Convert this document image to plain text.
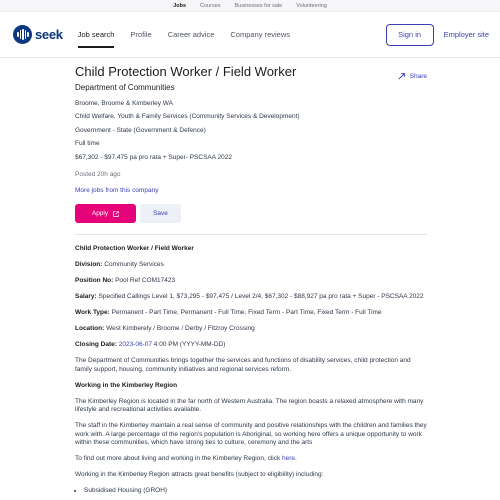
Jobs	Courses	Businesses for sale	Volunteering
seek Job search Profile Career advice Company reviews	Sign in	Employer site
Share
Child Protection Worker / Field Worker
Department of Communities
Broome, Broome & Kimberley WA
Child Welfare, Youth & Family Services (Community Services & Development)
Government - State (Government & Defence)
Full time
$67,302 - $97,475 pa pro rata + Super- PSCSAA 2022
Posted 20h ago
More jobs from this company
Apply	Save

Child Protection Worker / Field Worker

Division: Community Services

Position No: Pool Ref COM17423

Salary: Specified Callings Level 1, $73,295 - $97,475 / Level 2/4, $67,302 - $88,927 pa pro rata + Super - PSCSAA 2022

Work Type: Permanent - Part Time, Permanent - Full Time, Fixed Term - Part Time, Fixed Term - Full Time

Location: West Kimberely / Broome / Derby / Fitzroy Crossing

Closing Date: 2023-06-07 4:00 PM (YYYY-MM-DD)

The Department of Communities brings together the services and functions of disability services, child protection and family support, housing, community initiatives and regional services reform.

Working in the Kimberley Region

The Kimberley Region is located in the far north of Western Australia. The region boasts a relaxed atmosphere with many lifestyle and recreational activities available.

The staff in the Kimberley maintain a real sense of community and positive relationships with the children and families they work with. A large percentage of the region's population is Aboriginal, so working here offers a unique opportunity to work within these communities, which have strong ties to culture, ceremony and the arts

To find out more about living and working in the Kimberley Region, click here.

Working in the Kimberley Region attracts great benefits (subject to eligibility) including:

• Subsidised Housing (GROH)
